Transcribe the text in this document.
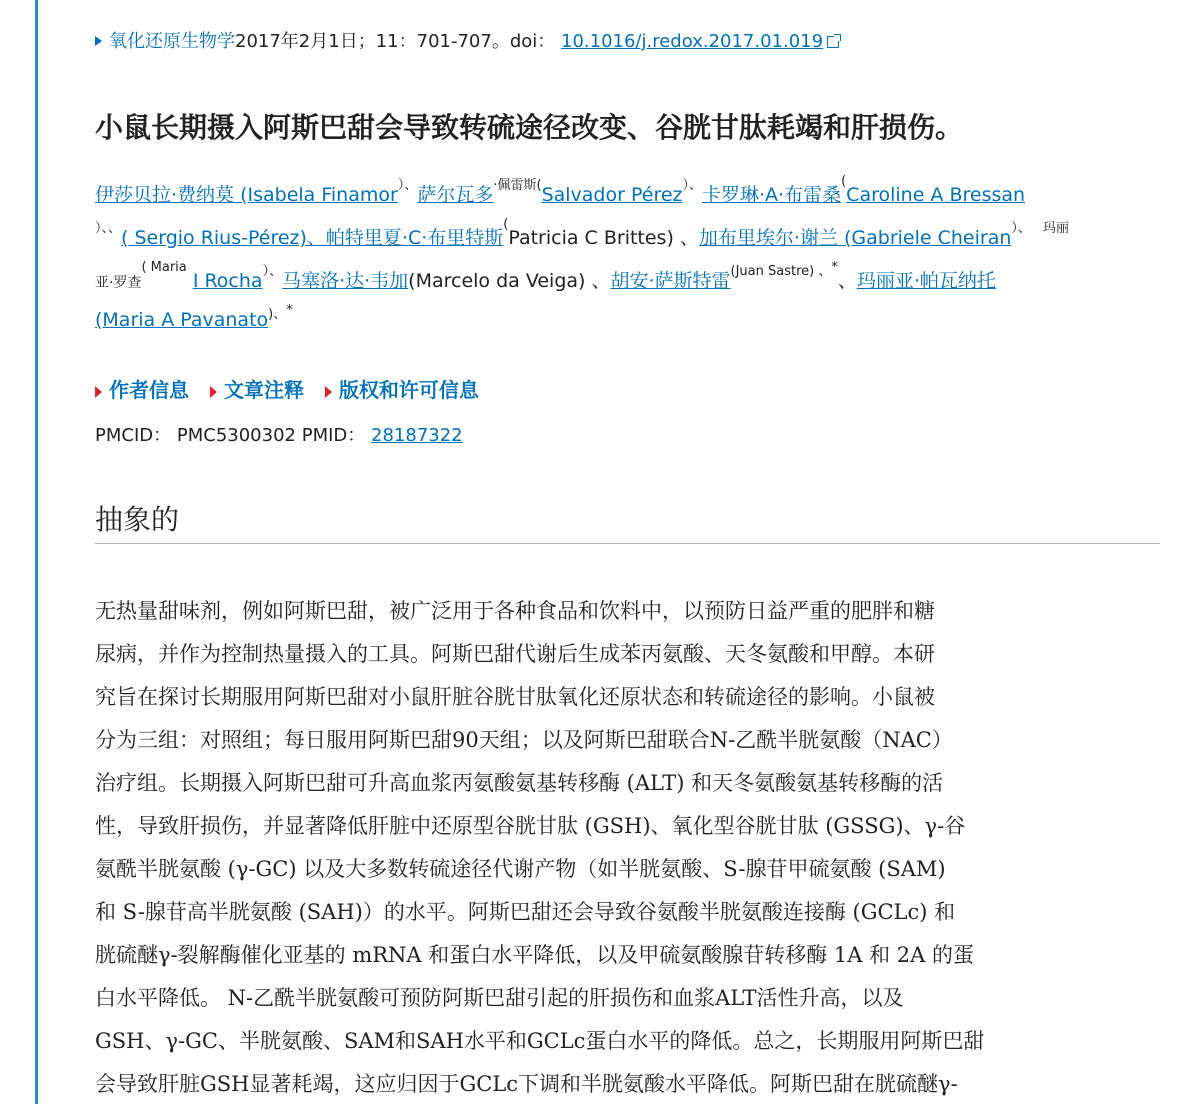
氧化还原生物学2017年2月1日；11：701-707。doi： 10.1016/j.redox.2017.01.019
小鼠长期摄入阿斯巴甜会导致转硫途径改变、谷胱甘肽耗竭和肝损伤。
伊莎贝拉·费纳莫 (Isabela Finamor）、萨尔瓦多$^{\cdot 佩雷斯(}$Salvador Pérez）、卡罗琳·A·布雷桑(Caroline A Bressan
）、、( Sergio Rius-Pérez)、帕特里夏·C·布里特斯(Patricia C Brittes) 、加布里埃尔·谢兰 (Gabriele Cheiran）、 $^{玛丽}$
亚·罗查$^{( Maria}$ I Rocha）、马塞洛·达·韦加(Marcelo da Veiga) 、胡安·萨斯特雷$^{(Juan Sastre) 、*}$、玛丽亚·帕瓦纳托
(Maria A Pavanato)、*
作者信息 文章注释 版权和许可信息
PMCID： PMC5300302 PMID： 28187322
抽象的
无热量甜味剂，例如阿斯巴甜，被广泛用于各种食品和饮料中，以预防日益严重的肥胖和糖
尿病，并作为控制热量摄入的工具。阿斯巴甜代谢后生成苯丙氨酸、天冬氨酸和甲醇。本研
究旨在探讨长期服用阿斯巴甜对小鼠肝脏谷胱甘肽氧化还原状态和转硫途径的影响。小鼠被
分为三组：对照组；每日服用阿斯巴甜90天组；以及阿斯巴甜联合N-乙酰半胱氨酸（NAC）
治疗组。长期摄入阿斯巴甜可升高血浆丙氨酸氨基转移酶 (ALT) 和天冬氨酸氨基转移酶的活
性，导致肝损伤，并显著降低肝脏中还原型谷胱甘肽 (GSH)、氧化型谷胱甘肽 (GSSG)、γ-谷
氨酰半胱氨酸 (γ-GC) 以及大多数转硫途径代谢产物（如半胱氨酸、S-腺苷甲硫氨酸 (SAM)
和 S-腺苷高半胱氨酸 (SAH)）的水平。阿斯巴甜还会导致谷氨酸半胱氨酸连接酶 (GCLc) 和
胱硫醚γ-裂解酶催化亚基的 mRNA 和蛋白水平降低，以及甲硫氨酸腺苷转移酶 1A 和 2A 的蛋
白水平降低。 N-乙酰半胱氨酸可预防阿斯巴甜引起的肝损伤和血浆ALT活性升高，以及
GSH、γ-GC、半胱氨酸、SAM和SAH水平和GCLc蛋白水平的降低。总之，长期服用阿斯巴甜
会导致肝脏GSH显著耗竭，这应归因于GCLc下调和半胱氨酸水平降低。阿斯巴甜在胱硫醚γ-
